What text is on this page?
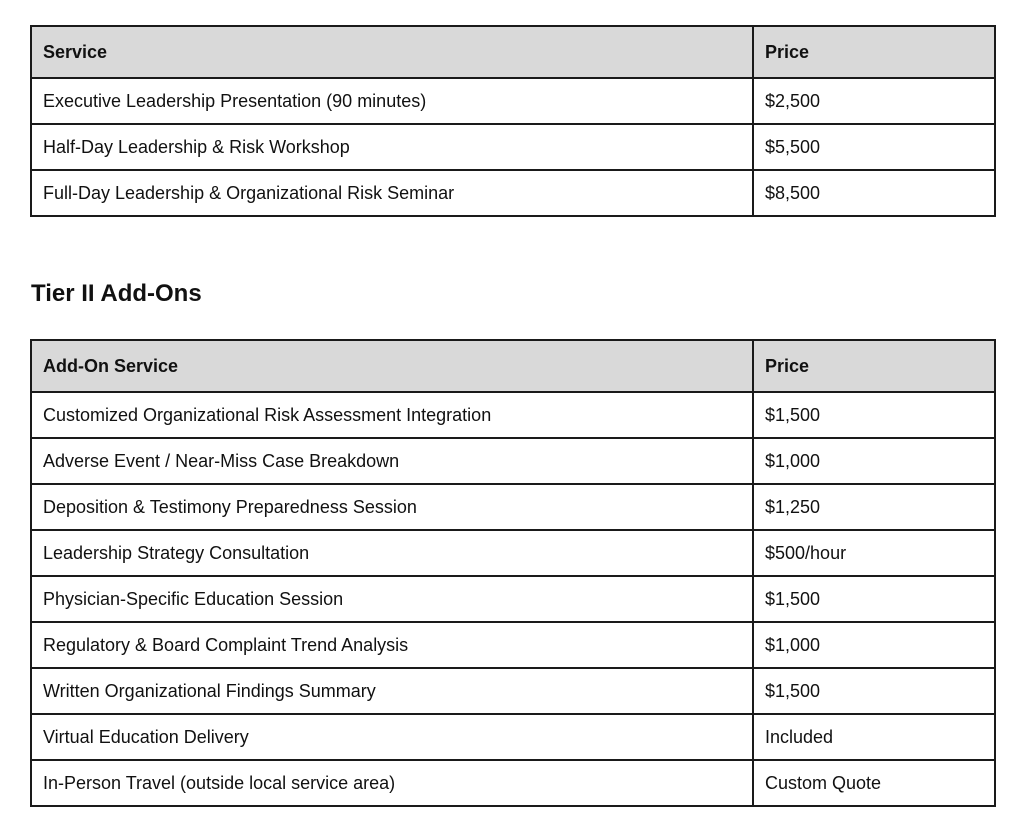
Service	Price
Executive Leadership Presentation (90 minutes)	$2,500
Half-Day Leadership & Risk Workshop	$5,500
Full-Day Leadership & Organizational Risk Seminar	$8,500
Tier II Add-Ons
Add-On Service	Price
Customized Organizational Risk Assessment Integration	$1,500
Adverse Event / Near-Miss Case Breakdown	$1,000
Deposition & Testimony Preparedness Session	$1,250
Leadership Strategy Consultation	$500/hour
Physician-Specific Education Session	$1,500
Regulatory & Board Complaint Trend Analysis	$1,000
Written Organizational Findings Summary	$1,500
Virtual Education Delivery	Included
In-Person Travel (outside local service area)	Custom Quote
